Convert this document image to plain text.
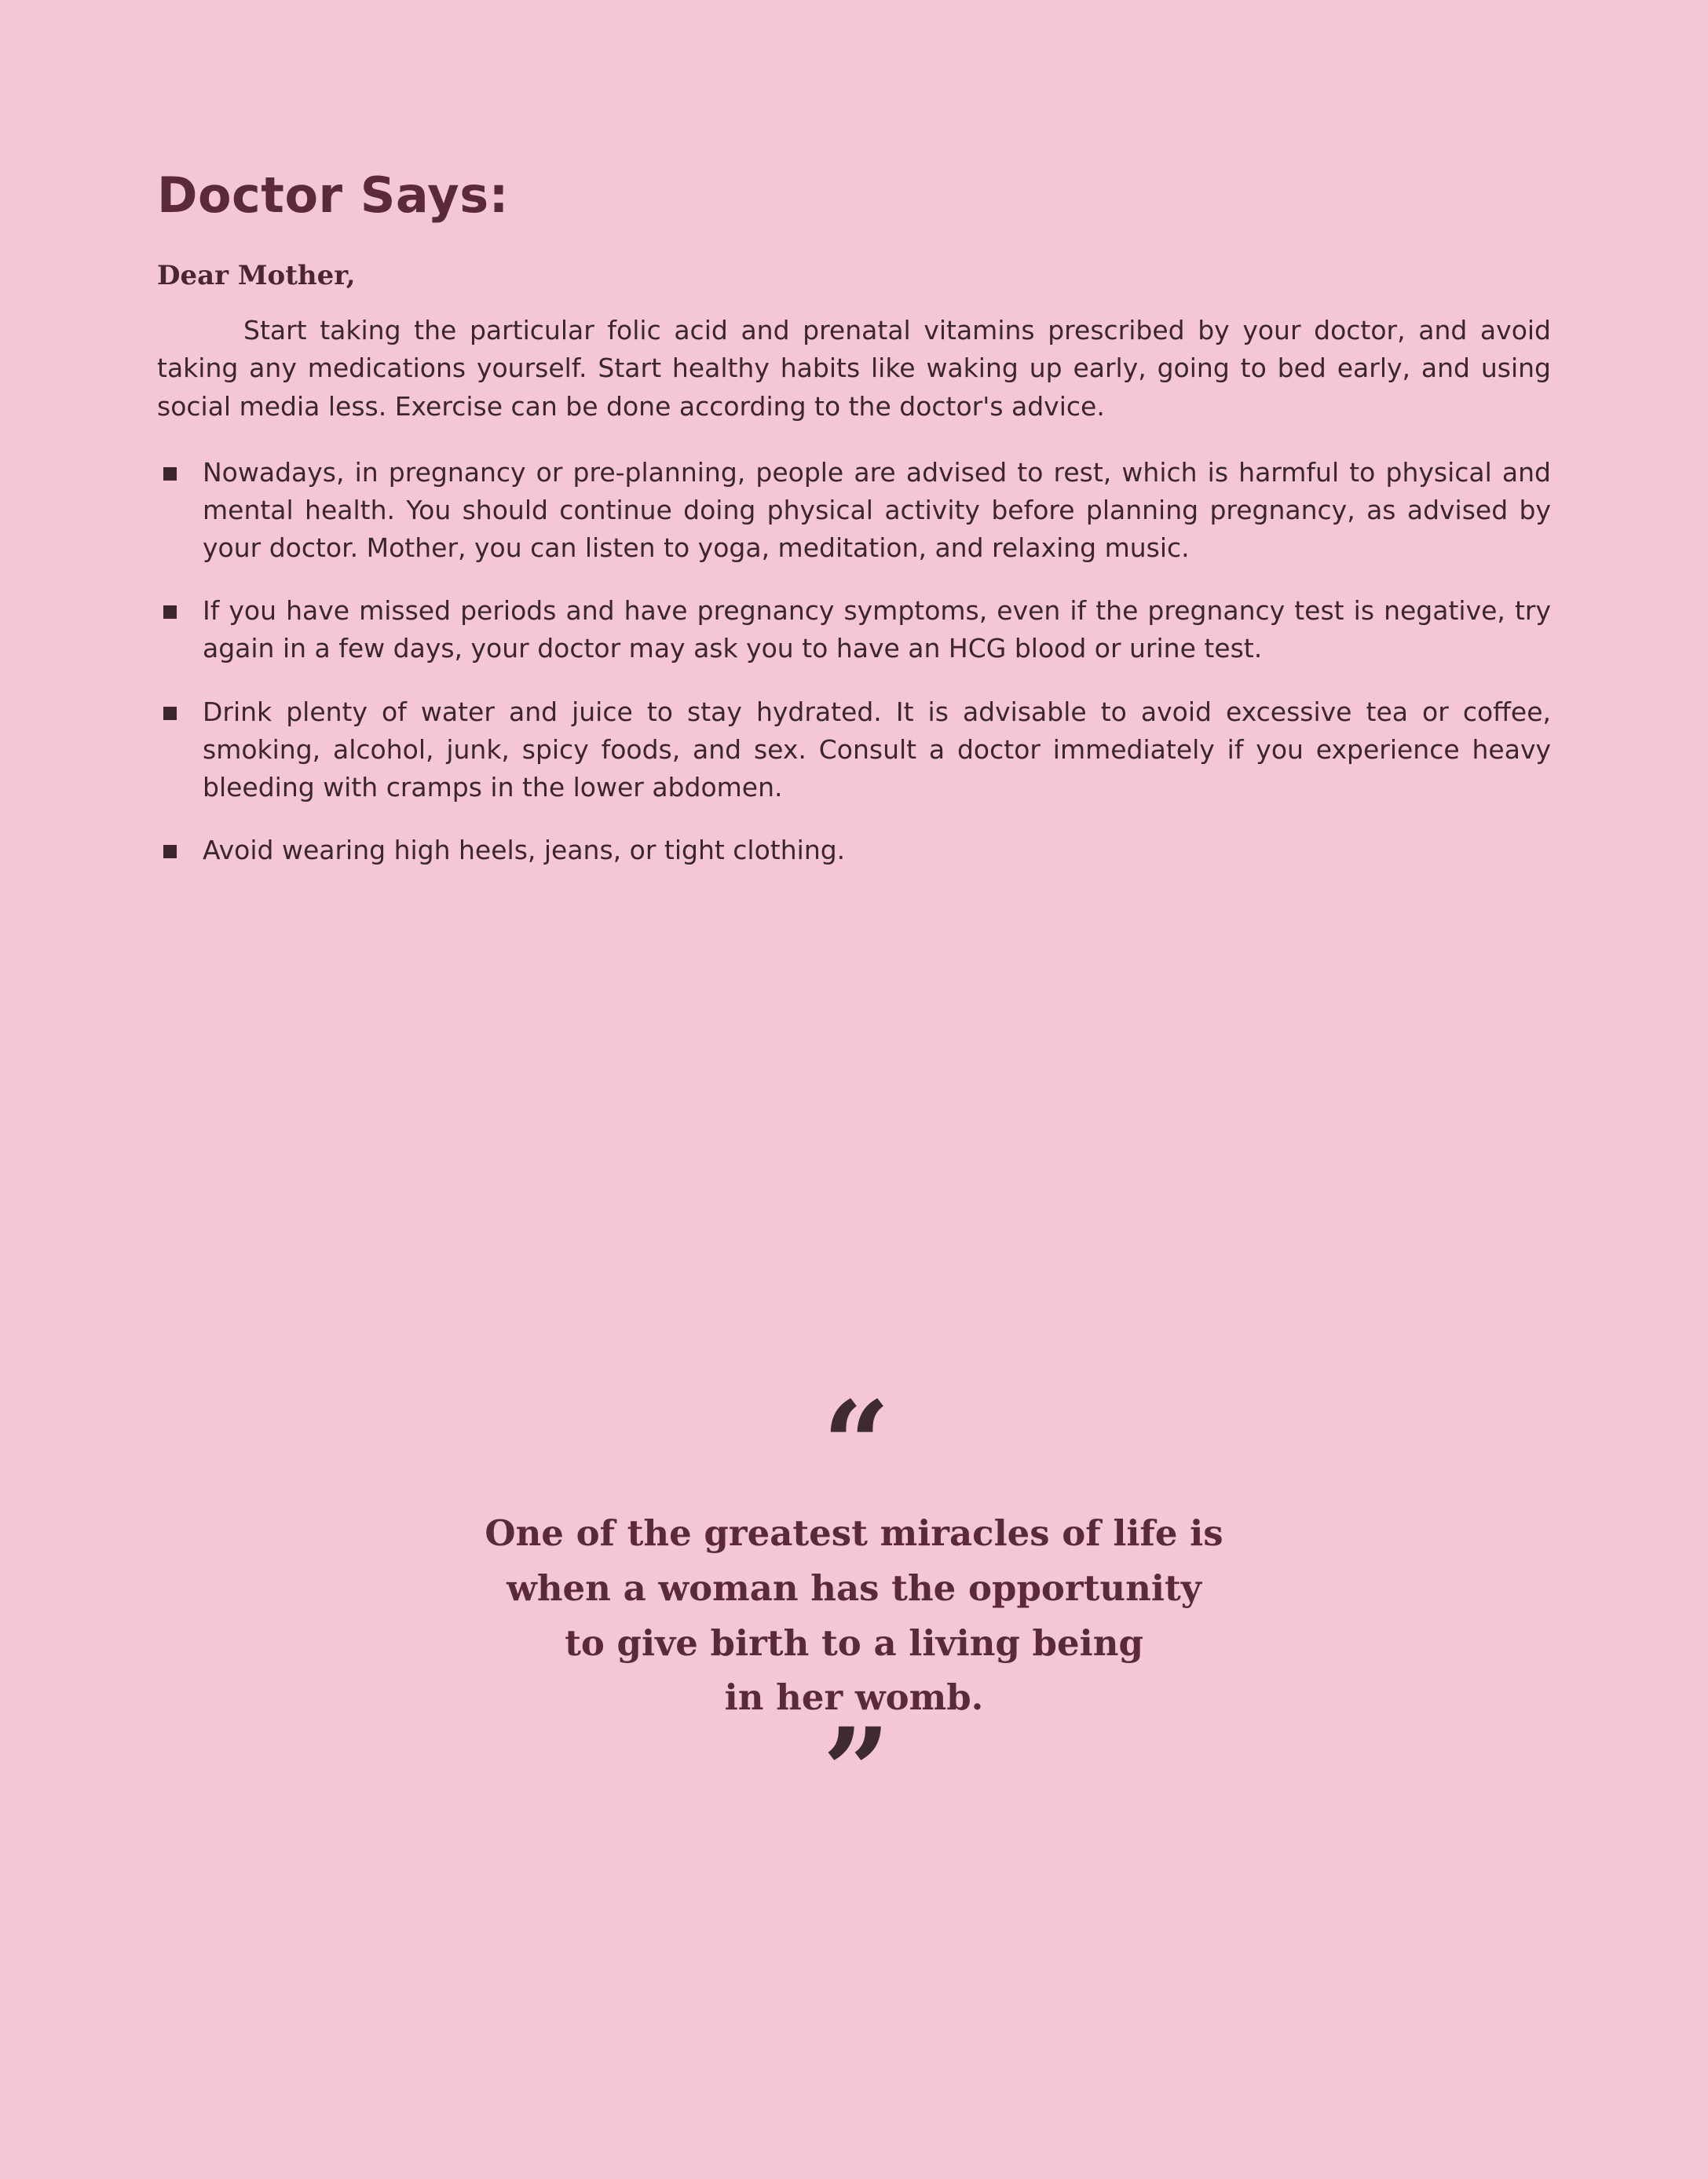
Doctor Says:

Dear Mother,

Start taking the particular folic acid and prenatal vitamins prescribed by your doctor, and avoid taking any medications yourself. Start healthy habits like waking up early, going to bed early, and using social media less. Exercise can be done according to the doctor's advice.

Nowadays, in pregnancy or pre-planning, people are advised to rest, which is harmful to physical and mental health. You should continue doing physical activity before planning pregnancy, as advised by your doctor. Mother, you can listen to yoga, meditation, and relaxing music.
If you have missed periods and have pregnancy symptoms, even if the pregnancy test is negative, try again in a few days, your doctor may ask you to have an HCG blood or urine test.
Drink plenty of water and juice to stay hydrated. It is advisable to avoid excessive tea or coffee, smoking, alcohol, junk, spicy foods, and sex. Consult a doctor immediately if you experience heavy bleeding with cramps in the lower abdomen.
Avoid wearing high heels, jeans, or tight clothing.
“
One of the greatest miracles of life is
when a woman has the opportunity
to give birth to a living being
in her womb.
”
